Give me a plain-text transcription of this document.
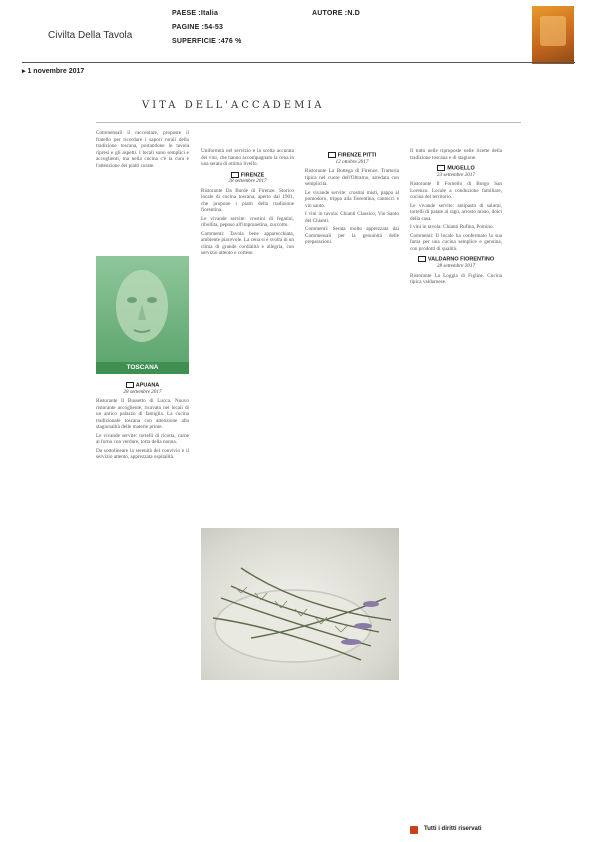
PAESE :Italia
PAGINE :54-53
SUPERFICIE :476 %
AUTORE :N.D
Civilta Della Tavola
▸ 1 novembre 2017
VITA DELL'ACCADEMIA

Commensali il raccontare, proposte il fratello per ricordare i sapori rurali della tradizione toscana, portandone in tavola ripresi e gli aspetti. I locali sono semplici e accoglienti, ma nella cucina c'è la cura e l'attenzione dei piatti curate.

TOSCANA
APUANA
28 settembre 2017

Ristorante Il Bussetto di Lucca. Nuovo ristorante accogliente, ricavato nei locali di un antico palazzo di famiglia. La cucina tradizionale toscana con attenzione alla stagionalità delle materie prime.

Le vivande servite: tortelli di ricotta, carne al forno con verdure, torta della nonna.

Da sottolineare la serenità del convivio e il servizio attento, apprezzata ospitalità.

Uniformità nel servizio e la scelta accurata dei vini, che hanno accompagnato la cena in una serata di ottimo livello.

FIRENZE
28 settembre 2017

Ristorante Da Burde di Firenze. Storico locale di cucina toscana, aperto dal 1901, che propone i piatti della tradizione fiorentina.

Le vivande servite: crostini di fegatini, ribollita, peposo all'imprunetina, zuccotto.

Commenti: Tavola bene apparecchiata, ambiente piacevole. La cena si è svolta in un clima di grande cordialità e allegria, con servizio attento e cortese.

FIRENZE PITTI
12 ottobre 2017

Ristorante La Bottega di Firenze. Trattoria tipica nel cuore dell'Oltrarno, arredata con semplicità.

Le vivande servite: crostini misti, pappa al pomodoro, trippa alla fiorentina, cantucci e vin santo.

I vini in tavola: Chianti Classico, Vin Santo del Chianti.

Commenti: Serata molto apprezzata dai Commensali per la genuinità delle preparazioni.

Il tutto nelle riproposte nelle ricette della tradizione toscana e di stagione.

MUGELLO
23 settembre 2017

Ristorante Il Fornello di Borgo San Lorenzo. Locale a conduzione familiare, cucina del territorio.

Le vivande servite: antipasto di salumi, tortelli di patate al ragù, arrosto misto, dolci della casa.

I vini in tavola: Chianti Rufina, Pomino.

Commenti: Il locale ha confermato la sua fama per una cucina semplice e genuina, con prodotti di qualità.

VALDARNO FIORENTINO
28 settembre 2017

Ristorante La Loggia di Figline. Cucina tipica valdarnese.

Tutti i diritti riservati
